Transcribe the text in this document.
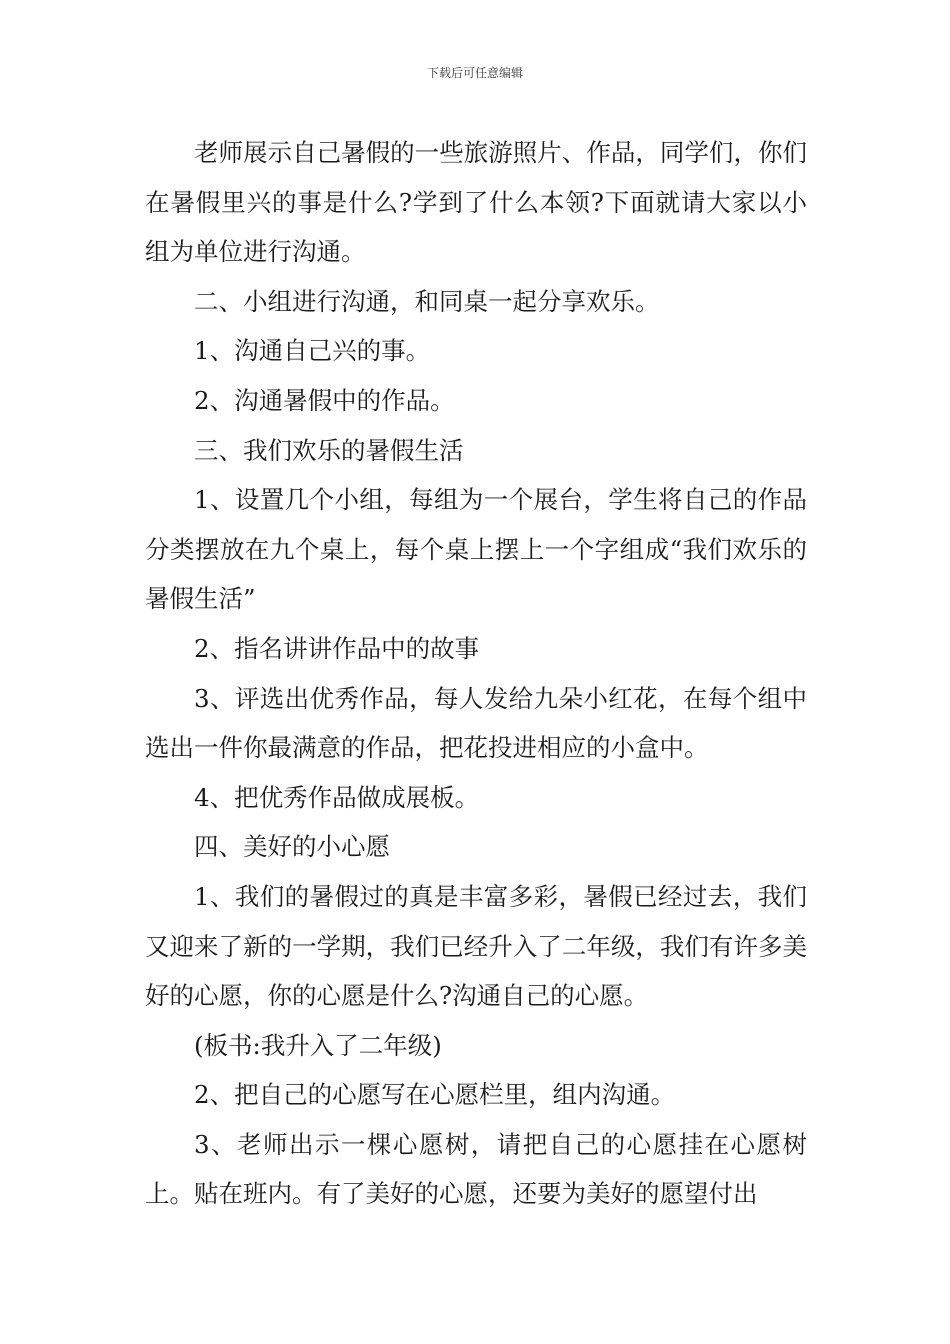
下载后可任意编辑

老师展示自己暑假的一些旅游照片、作品，同学们，你们在暑假里兴的事是什么?学到了什么本领?下面就请大家以小组为单位进行沟通。

二、小组进行沟通，和同桌一起分享欢乐。

1、沟通自己兴的事。

2、沟通暑假中的作品。

三、我们欢乐的暑假生活

1、设置几个小组，每组为一个展台，学生将自己的作品分类摆放在九个桌上，每个桌上摆上一个字组成“我们欢乐的暑假生活”

2、指名讲讲作品中的故事

3、评选出优秀作品，每人发给九朵小红花，在每个组中选出一件你最满意的作品，把花投进相应的小盒中。

4、把优秀作品做成展板。

四、美好的小心愿

1、我们的暑假过的真是丰富多彩，暑假已经过去，我们又迎来了新的一学期，我们已经升入了二年级，我们有许多美好的心愿，你的心愿是什么?沟通自己的心愿。

(板书:我升入了二年级)

2、把自己的心愿写在心愿栏里，组内沟通。

3、老师出示一棵心愿树，请把自己的心愿挂在心愿树上。贴在班内。有了美好的心愿，还要为美好的愿望付出
